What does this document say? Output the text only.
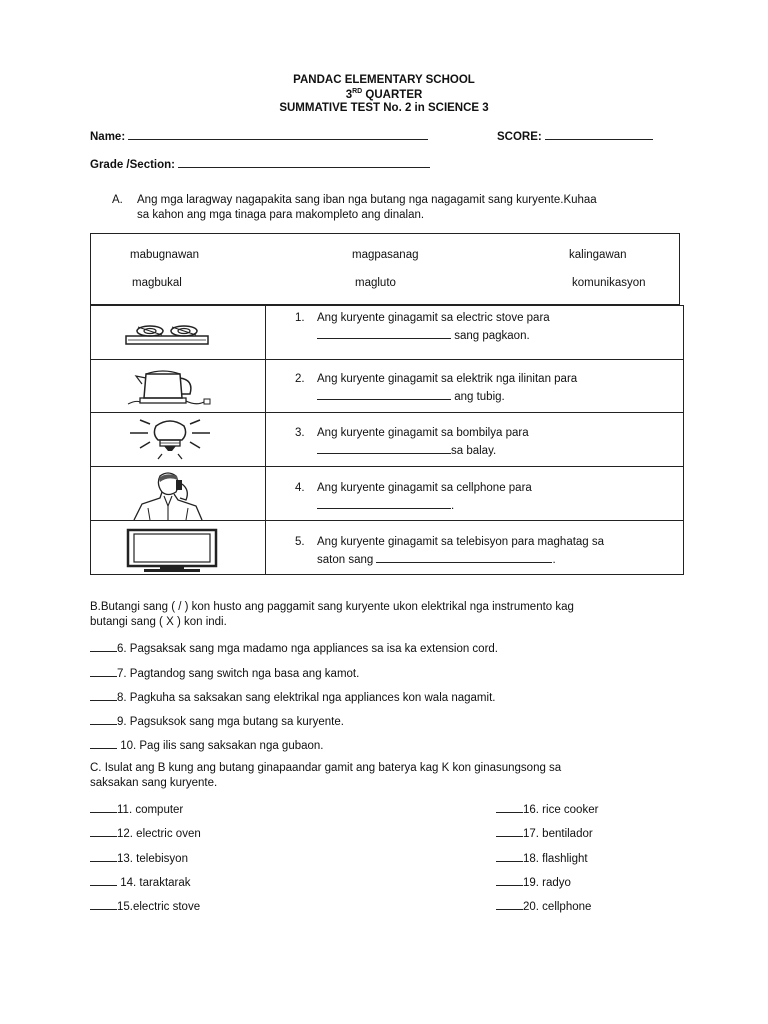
PANDAC ELEMENTARY SCHOOL
3RD QUARTER
SUMMATIVE TEST No. 2 in SCIENCE 3
Name:	SCORE:
Grade /Section:
A. Ang mga laragway nagapakita sang iban nga butang nga nagagamit sang kuryente.Kuhaa
sa kahon ang mga tinaga para makompleto ang dinalan.
mabugnawan	magpasanag	kalingawan
magbukal	magluto	komunikasyon
1. Ang kuryente ginagamit sa electric stove para
sang pagkaon.
2. Ang kuryente ginagamit sa elektrik nga ilinitan para
ang tubig.
3. Ang kuryente ginagamit sa bombilya para
sa balay.
4. Ang kuryente ginagamit sa cellphone para
.
5. Ang kuryente ginagamit sa telebisyon para maghatag sa
saton sang	.
B.Butangi sang ( / ) kon husto ang paggamit sang kuryente ukon elektrikal nga instrumento kag
butangi sang ( X ) kon indi.
6. Pagsaksak sang mga madamo nga appliances sa isa ka extension cord.
7. Pagtandog sang switch nga basa ang kamot.
8. Pagkuha sa saksakan sang elektrikal nga appliances kon wala nagamit.
9. Pagsuksok sang mga butang sa kuryente.
10. Pag ilis sang saksakan nga gubaon.
C. Isulat ang B kung ang butang ginapaandar gamit ang baterya kag K kon ginasungsong sa
saksakan sang kuryente.
11. computer
12. electric oven
13. telebisyon
14. taraktarak
15.electric stove
16. rice cooker
17. bentilador
18. flashlight
19. radyo
20. cellphone
